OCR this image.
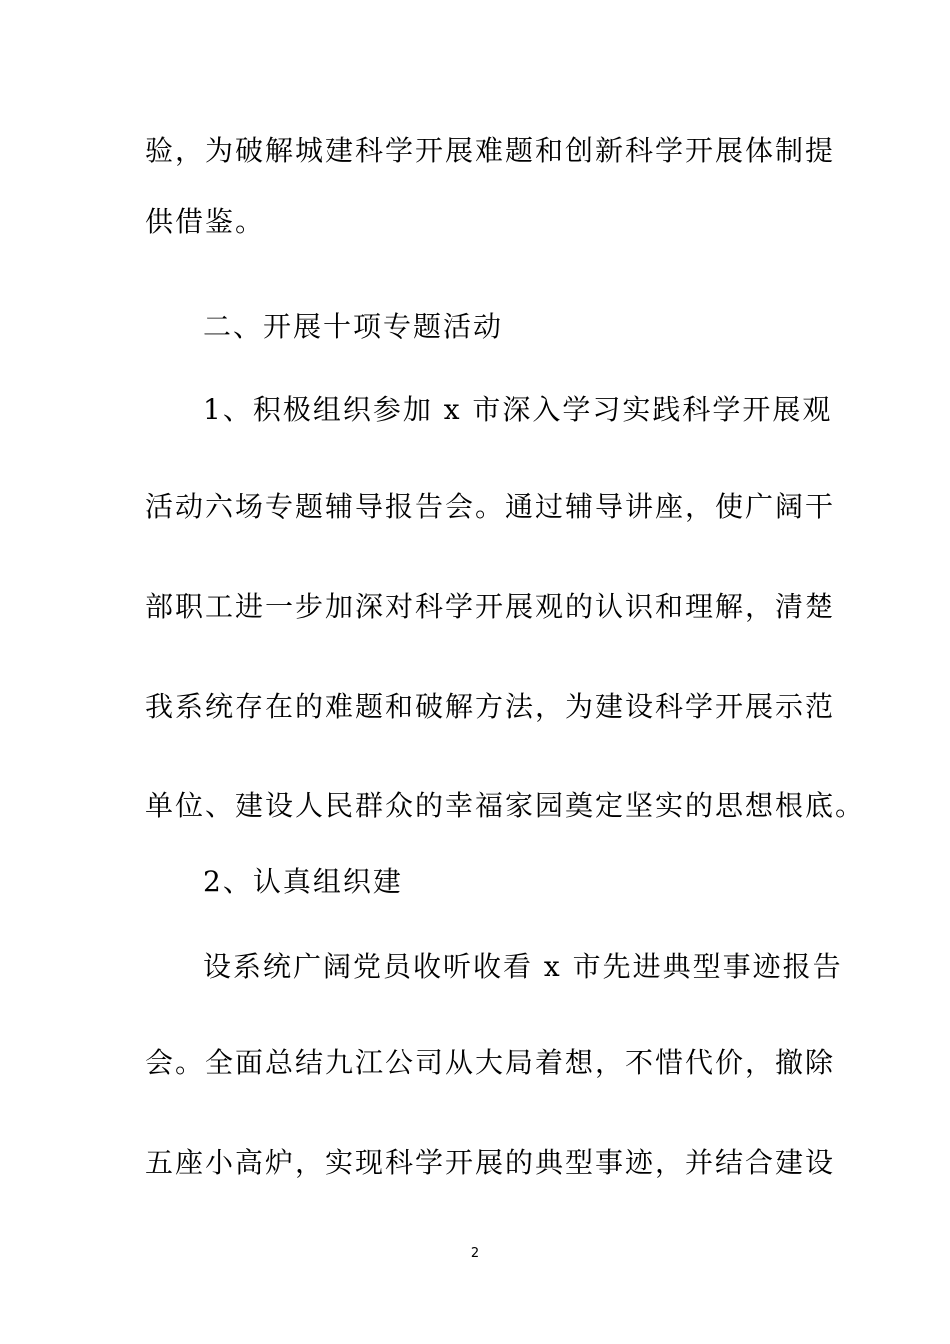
验，为破解城建科学开展难题和创新科学开展体制提
供借鉴。
二、开展十项专题活动
1、积极组织参加 x 市深入学习实践科学开展观
活动六场专题辅导报告会。通过辅导讲座，使广阔干
部职工进一步加深对科学开展观的认识和理解，清楚
我系统存在的难题和破解方法，为建设科学开展示范
单位、建设人民群众的幸福家园奠定坚实的思想根底。
2、认真组织建
设系统广阔党员收听收看 x 市先进典型事迹报告
会。全面总结九江公司从大局着想，不惜代价，撤除
五座小高炉，实现科学开展的典型事迹，并结合建设
2
